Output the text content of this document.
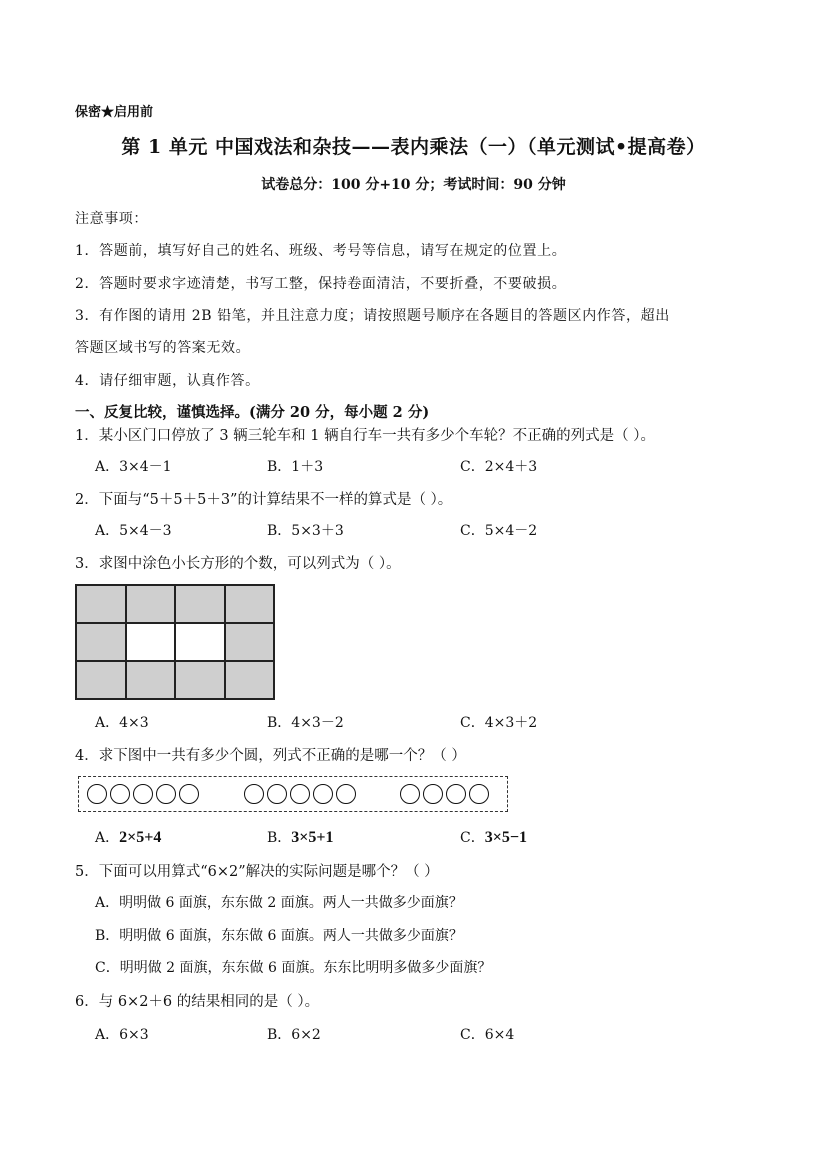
保密★启用前
第 1 单元 中国戏法和杂技——表内乘法（一）（单元测试•提高卷）
试卷总分：100 分+10 分；考试时间：90 分钟
注意事项：
1．答题前，填写好自己的姓名、班级、考号等信息，请写在规定的位置上。
2．答题时要求字迹清楚，书写工整，保持卷面清洁，不要折叠，不要破损。
3．有作图的请用 2B 铅笔，并且注意力度；请按照题号顺序在各题目的答题区内作答，超出
答题区域书写的答案无效。
4．请仔细审题，认真作答。
一、反复比较，谨慎选择。(满分 20 分，每小题 2 分)
1．某小区门口停放了 3 辆三轮车和 1 辆自行车一共有多少个车轮？不正确的列式是（ ）。
A．3×4－1	B．1＋3	C．2×4＋3
2．下面与“5＋5＋5＋3”的计算结果不一样的算式是（ ）。
A．5×4－3	B．5×3＋3	C．5×4－2
3．求图中涂色小长方形的个数，可以列式为（ ）。
A．4×3	B．4×3－2	C．4×3＋2
4．求下图中一共有多少个圆，列式不正确的是哪一个？（ ）
A．2×5+4	B．3×5+1	C．3×5−1
5．下面可以用算式“6×2”解决的实际问题是哪个？（ ）
A．明明做 6 面旗，东东做 2 面旗。两人一共做多少面旗？
B．明明做 6 面旗，东东做 6 面旗。两人一共做多少面旗？
C．明明做 2 面旗，东东做 6 面旗。东东比明明多做多少面旗？
6．与 6×2＋6 的结果相同的是（ ）。
A．6×3	B．6×2	C．6×4
